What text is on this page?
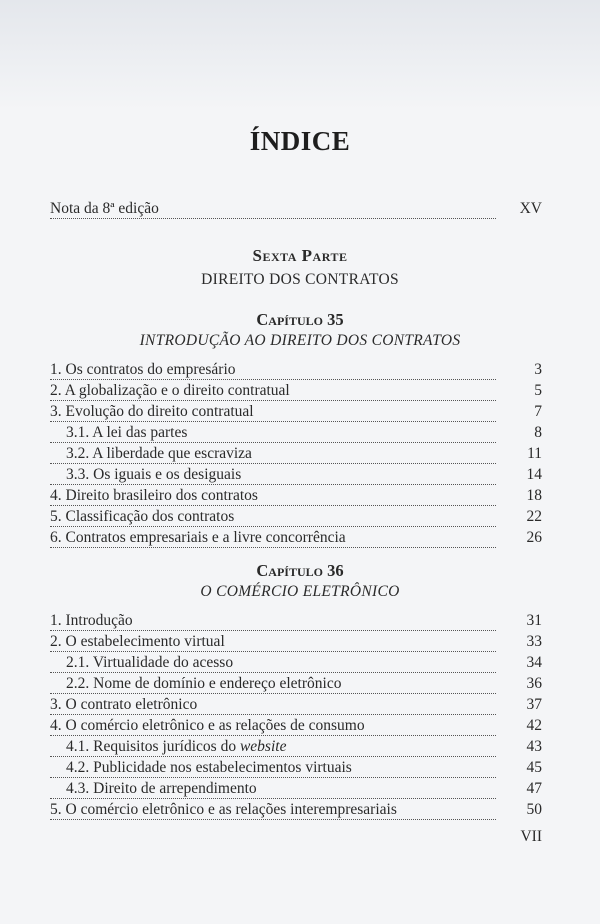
ÍNDICE
Nota da 8ª edição	XV
Sexta Parte
DIREITO DOS CONTRATOS
Capítulo 35
INTRODUÇÃO AO DIREITO DOS CONTRATOS
1. Os contratos do empresário	3
2. A globalização e o direito contratual	5
3. Evolução do direito contratual	7
3.1. A lei das partes	8
3.2. A liberdade que escraviza	11
3.3. Os iguais e os desiguais	14
4. Direito brasileiro dos contratos	18
5. Classificação dos contratos	22
6. Contratos empresariais e a livre concorrência	26
Capítulo 36
O COMÉRCIO ELETRÔNICO
1. Introdução	31
2. O estabelecimento virtual	33
2.1. Virtualidade do acesso	34
2.2. Nome de domínio e endereço eletrônico	36
3. O contrato eletrônico	37
4. O comércio eletrônico e as relações de consumo	42
4.1. Requisitos jurídicos do website	43
4.2. Publicidade nos estabelecimentos virtuais	45
4.3. Direito de arrependimento	47
5. O comércio eletrônico e as relações interempresariais	50
VII
